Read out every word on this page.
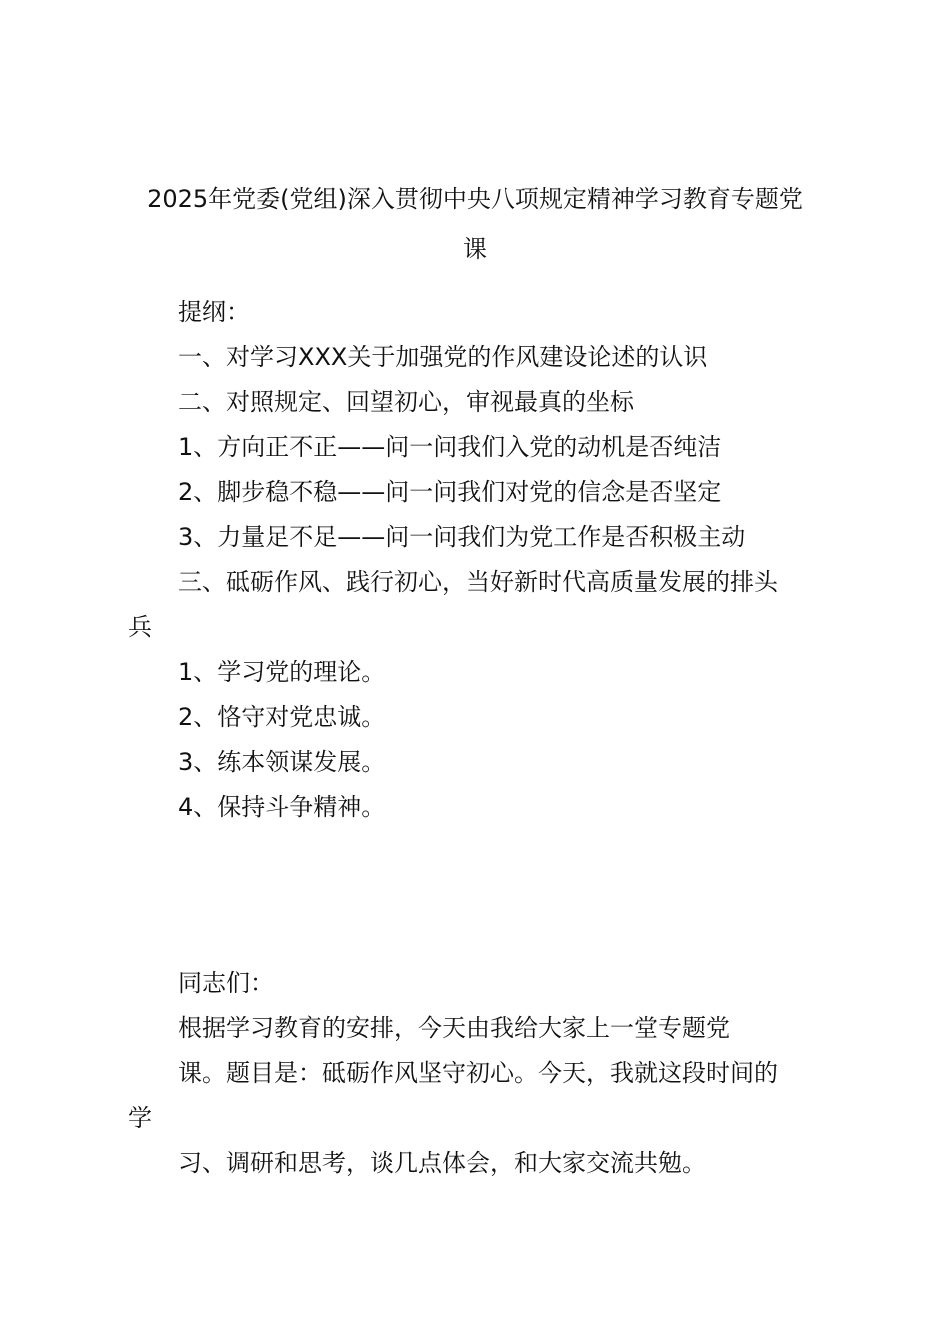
2025年党委(党组)深入贯彻中央八项规定精神学习教育专题党
课
提纲：
一、对学习XXX关于加强党的作风建设论述的认识
二、对照规定、回望初心，审视最真的坐标
1、方向正不正——问一问我们入党的动机是否纯洁
2、脚步稳不稳——问一问我们对党的信念是否坚定
3、力量足不足——问一问我们为党工作是否积极主动
三、砥砺作风、践行初心，当好新时代高质量发展的排头
兵
1、学习党的理论。
2、恪守对党忠诚。
3、练本领谋发展。
4、保持斗争精神。
同志们：
根据学习教育的安排，今天由我给大家上一堂专题党
课。题目是：砥砺作风坚守初心。今天，我就这段时间的
学
习、调研和思考，谈几点体会，和大家交流共勉。
